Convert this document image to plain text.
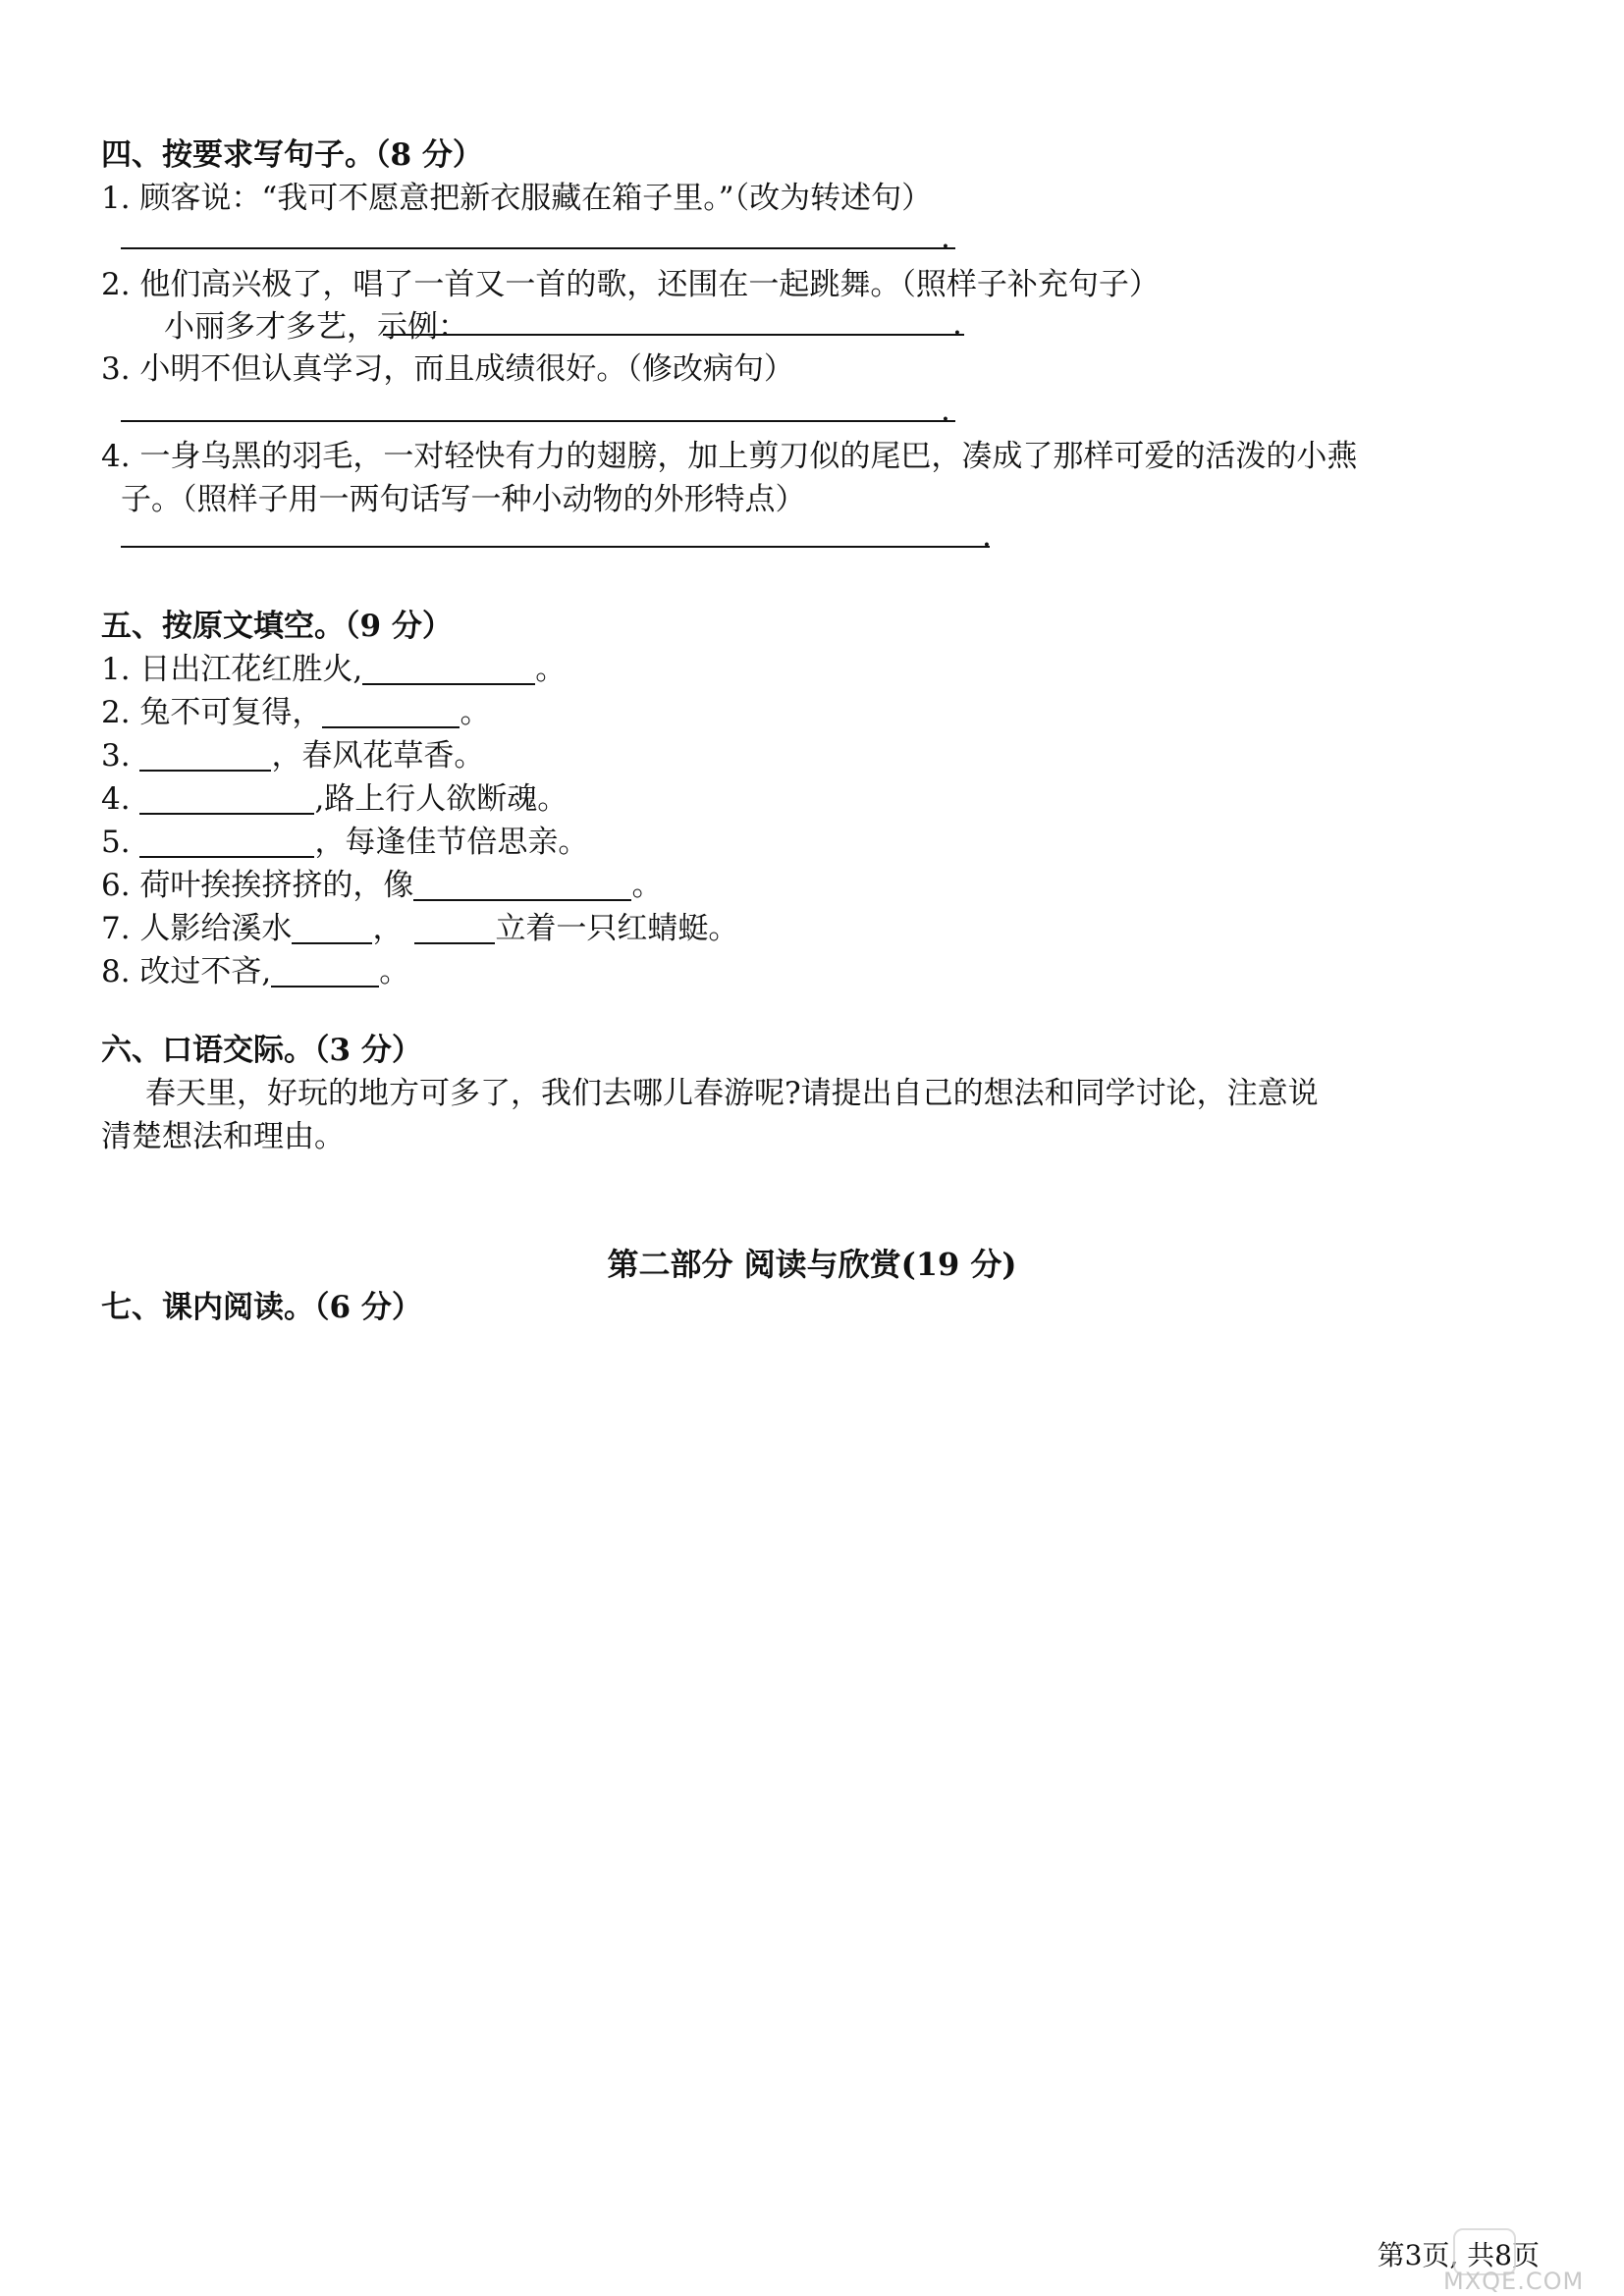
四、按要求写句子。（8 分）
1. 顾客说：“我可不愿意把新衣服藏在箱子里。”（改为转述句）
.
2. 他们高兴极了，唱了一首又一首的歌，还围在一起跳舞。（照样子补充句子）
小丽多才多艺，示例：	.
3. 小明不但认真学习，而且成绩很好。（修改病句）
.
4. 一身乌黑的羽毛，一对轻快有力的翅膀，加上剪刀似的尾巴，凑成了那样可爱的活泼的小燕
子。（照样子用一两句话写一种小动物的外形特点）
.
五、按原文填空。（9 分）
1. 日出江花红胜火,	。
2. 兔不可复得，	。
3.	，春风花草香。
4.	,路上行人欲断魂。
5.	，每逢佳节倍思亲。
6. 荷叶挨挨挤挤的，像	。
7. 人影给溪水	，	立着一只红蜻蜓。
8. 改过不吝,	。
六、口语交际。（3 分）
春天里，好玩的地方可多了，我们去哪儿春游呢?请提出自己的想法和同学讨论，注意说
清楚想法和理由。
第二部分 阅读与欣赏(19 分)
七、课内阅读。（6 分）
第3页, 共8页
MXQE.COM
